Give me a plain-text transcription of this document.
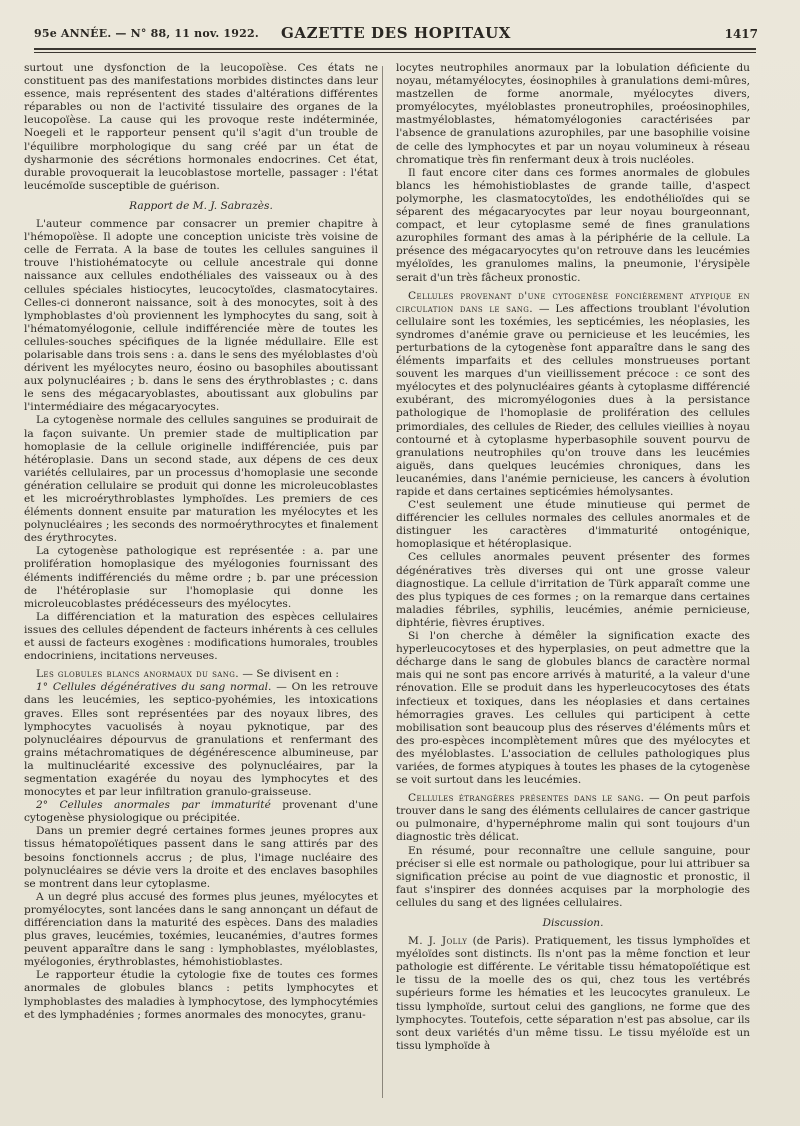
95e ANNÉE. — N° 88, 11 nov. 1922.	GAZETTE DES HOPITAUX	1417

surtout une dysfonction de la leucopoïèse. Ces états ne constituent pas des manifestations morbides distinctes dans leur essence, mais représentent des stades d'altérations différentes réparables ou non de l'activité tissulaire des organes de la leucopoïèse. La cause qui les provoque reste indéterminée, Noegeli et le rapporteur pensent qu'il s'agit d'un trouble de l'équilibre morphologique du sang créé par un état de dysharmonie des sécrétions hormonales endocrines. Cet état, durable provoquerait la leucoblastose mortelle, passager : l'état leucémoïde susceptible de guérison.

Rapport de M. J. Sabrazès.

L'auteur commence par consacrer un premier chapitre à l'hémopoïèse. Il adopte une conception uniciste très voisine de celle de Ferrata. A la base de toutes les cellules sanguines il trouve l'histiohématocyte ou cellule ancestrale qui donne naissance aux cellules endothéliales des vaisseaux ou à des cellules spéciales histiocytes, leucocytoïdes, clasmatocytaires. Celles-ci donneront naissance, soit à des monocytes, soit à des lymphoblastes d'où proviennent les lymphocytes du sang, soit à l'hématomyélogonie, cellule indifférenciée mère de toutes les cellules-souches spécifiques de la lignée médullaire. Elle est polarisable dans trois sens : a. dans le sens des myéloblastes d'où dérivent les myélocytes neuro, éosino ou basophiles aboutissant aux polynucléaires ; b. dans le sens des érythroblastes ; c. dans le sens des mégacaryoblastes, aboutissant aux globulins par l'intermédiaire des mégacaryocytes.

La cytogenèse normale des cellules sanguines se produirait de la façon suivante. Un premier stade de multiplication par homoplasie de la cellule originelle indifférenciée, puis par hétéroplasie. Dans un second stade, aux dépens de ces deux variétés cellulaires, par un processus d'homoplasie une seconde génération cellulaire se produit qui donne les microleucoblastes et les microérythroblastes lymphoïdes. Les premiers de ces éléments donnent ensuite par maturation les myélocytes et les polynucléaires ; les seconds des normoérythrocytes et finalement des érythrocytes.

La cytogenèse pathologique est représentée : a. par une prolifération homoplasique des myélogonies fournissant des éléments indifférenciés du même ordre ; b. par une précession de l'hétéroplasie sur l'homoplasie qui donne les microleucoblastes prédécesseurs des myélocytes.

La différenciation et la maturation des espèces cellulaires issues des cellules dépendent de facteurs inhérents à ces cellules et aussi de facteurs exogènes : modifications humorales, troubles endocriniens, incitations nerveuses.

Les globules blancs anormaux du sang. — Se divisent en :

1° Cellules dégénératives du sang normal. — On les retrouve dans les leucémies, les septico-pyohémies, les intoxications graves. Elles sont représentées par des noyaux libres, des lymphocytes vacuolisés à noyau pyknotique, par des polynucléaires dépourvus de granulations et renfermant des grains métachromatiques de dégénérescence albumineuse, par la multinucléarité excessive des polynucléaires, par la segmentation exagérée du noyau des lymphocytes et des monocytes et par leur infiltration granulo-graisseuse.

2° Cellules anormales par immaturité provenant d'une cytogenèse physiologique ou précipitée.

Dans un premier degré certaines formes jeunes propres aux tissus hématopoïétiques passent dans le sang attirés par des besoins fonctionnels accrus ; de plus, l'image nucléaire des polynucléaires se dévie vers la droite et des enclaves basophiles se montrent dans leur cytoplasme.

A un degré plus accusé des formes plus jeunes, myélocytes et promyélocytes, sont lancées dans le sang annonçant un défaut de différenciation dans la maturité des espèces. Dans des maladies plus graves, leucémies, toxémies, leucanémies, d'autres formes peuvent apparaître dans le sang : lymphoblastes, myéloblastes, myélogonies, érythroblastes, hémohistioblastes.

Le rapporteur étudie la cytologie fixe de toutes ces formes anormales de globules blancs : petits lymphocytes et lymphoblastes des maladies à lymphocytose, des lymphocytémies et des lymphadénies ; formes anormales des monocytes, granu-

locytes neutrophiles anormaux par la lobulation déficiente du noyau, métamyélocytes, éosinophiles à granulations demi-mûres, mastzellen de forme anormale, myélocytes divers, promyélocytes, myéloblastes proneutrophiles, proéosinophiles, mastmyéloblastes, hématomyélogonies caractérisées par l'absence de granulations azurophiles, par une basophilie voisine de celle des lymphocytes et par un noyau volumineux à réseau chromatique très fin renfermant deux à trois nucléoles.

Il faut encore citer dans ces formes anormales de globules blancs les hémohistioblastes de grande taille, d'aspect polymorphe, les clasmatocytoïdes, les endothélioïdes qui se séparent des mégacaryocytes par leur noyau bourgeonnant, compact, et leur cytoplasme semé de fines granulations azurophiles formant des amas à la périphérie de la cellule. La présence des mégacaryocytes qu'on retrouve dans les leucémies myéloïdes, les granulomes malins, la pneumonie, l'érysipèle serait d'un très fâcheux pronostic.

Cellules provenant d'une cytogenèse foncièrement atypique en circulation dans le sang. — Les affections troublant l'évolution cellulaire sont les toxémies, les septicémies, les néoplasies, les syndromes d'anémie grave ou pernicieuse et les leucémies, les perturbations de la cytogenèse font apparaître dans le sang des éléments imparfaits et des cellules monstrueuses portant souvent les marques d'un vieillissement précoce : ce sont des myélocytes et des polynucléaires géants à cytoplasme différencié exubérant, des micromyélogonies dues à la persistance pathologique de l'homoplasie de prolifération des cellules primordiales, des cellules de Rieder, des cellules vieillies à noyau contourné et à cytoplasme hyperbasophile souvent pourvu de granulations neutrophiles qu'on trouve dans les leucémies aiguës, dans quelques leucémies chroniques, dans les leucanémies, dans l'anémie pernicieuse, les cancers à évolution rapide et dans certaines septicémies hémolysantes.

C'est seulement une étude minutieuse qui permet de différencier les cellules normales des cellules anormales et de distinguer les caractères d'immaturité ontogénique, homoplasique et hétéroplasique.

Ces cellules anormales peuvent présenter des formes dégénératives très diverses qui ont une grosse valeur diagnostique. La cellule d'irritation de Türk apparaît comme une des plus typiques de ces formes ; on la remarque dans certaines maladies fébriles, syphilis, leucémies, anémie pernicieuse, diphtérie, fièvres éruptives.

Si l'on cherche à démêler la signification exacte des hyperleucocytoses et des hyperplasies, on peut admettre que la décharge dans le sang de globules blancs de caractère normal mais qui ne sont pas encore arrivés à maturité, a la valeur d'une rénovation. Elle se produit dans les hyperleucocytoses des états infectieux et toxiques, dans les néoplasies et dans certaines hémorragies graves. Les cellules qui participent à cette mobilisation sont beaucoup plus des réserves d'éléments mûrs et des pro-espèces incomplètement mûres que des myélocytes et des myéloblastes. L'association de cellules pathologiques plus variées, de formes atypiques à toutes les phases de la cytogenèse se voit surtout dans les leucémies.

Cellules étrangères présentes dans le sang. — On peut parfois trouver dans le sang des éléments cellulaires de cancer gastrique ou pulmonaire, d'hypernéphrome malin qui sont toujours d'un diagnostic très délicat.

En résumé, pour reconnaître une cellule sanguine, pour préciser si elle est normale ou pathologique, pour lui attribuer sa signification précise au point de vue diagnostic et pronostic, il faut s'inspirer des données acquises par la morphologie des cellules du sang et des lignées cellulaires.

Discussion.

M. J. Jolly (de Paris). Pratiquement, les tissus lymphoïdes et myéloïdes sont distincts. Ils n'ont pas la même fonction et leur pathologie est différente. Le véritable tissu hématopoïétique est le tissu de la moelle des os qui, chez tous les vertébrés supérieurs forme les hématies et les leucocytes granuleux. Le tissu lymphoïde, surtout celui des ganglions, ne forme que des lymphocytes. Toutefois, cette séparation n'est pas absolue, car ils sont deux variétés d'un même tissu. Le tissu myéloïde est un tissu lymphoïde à
